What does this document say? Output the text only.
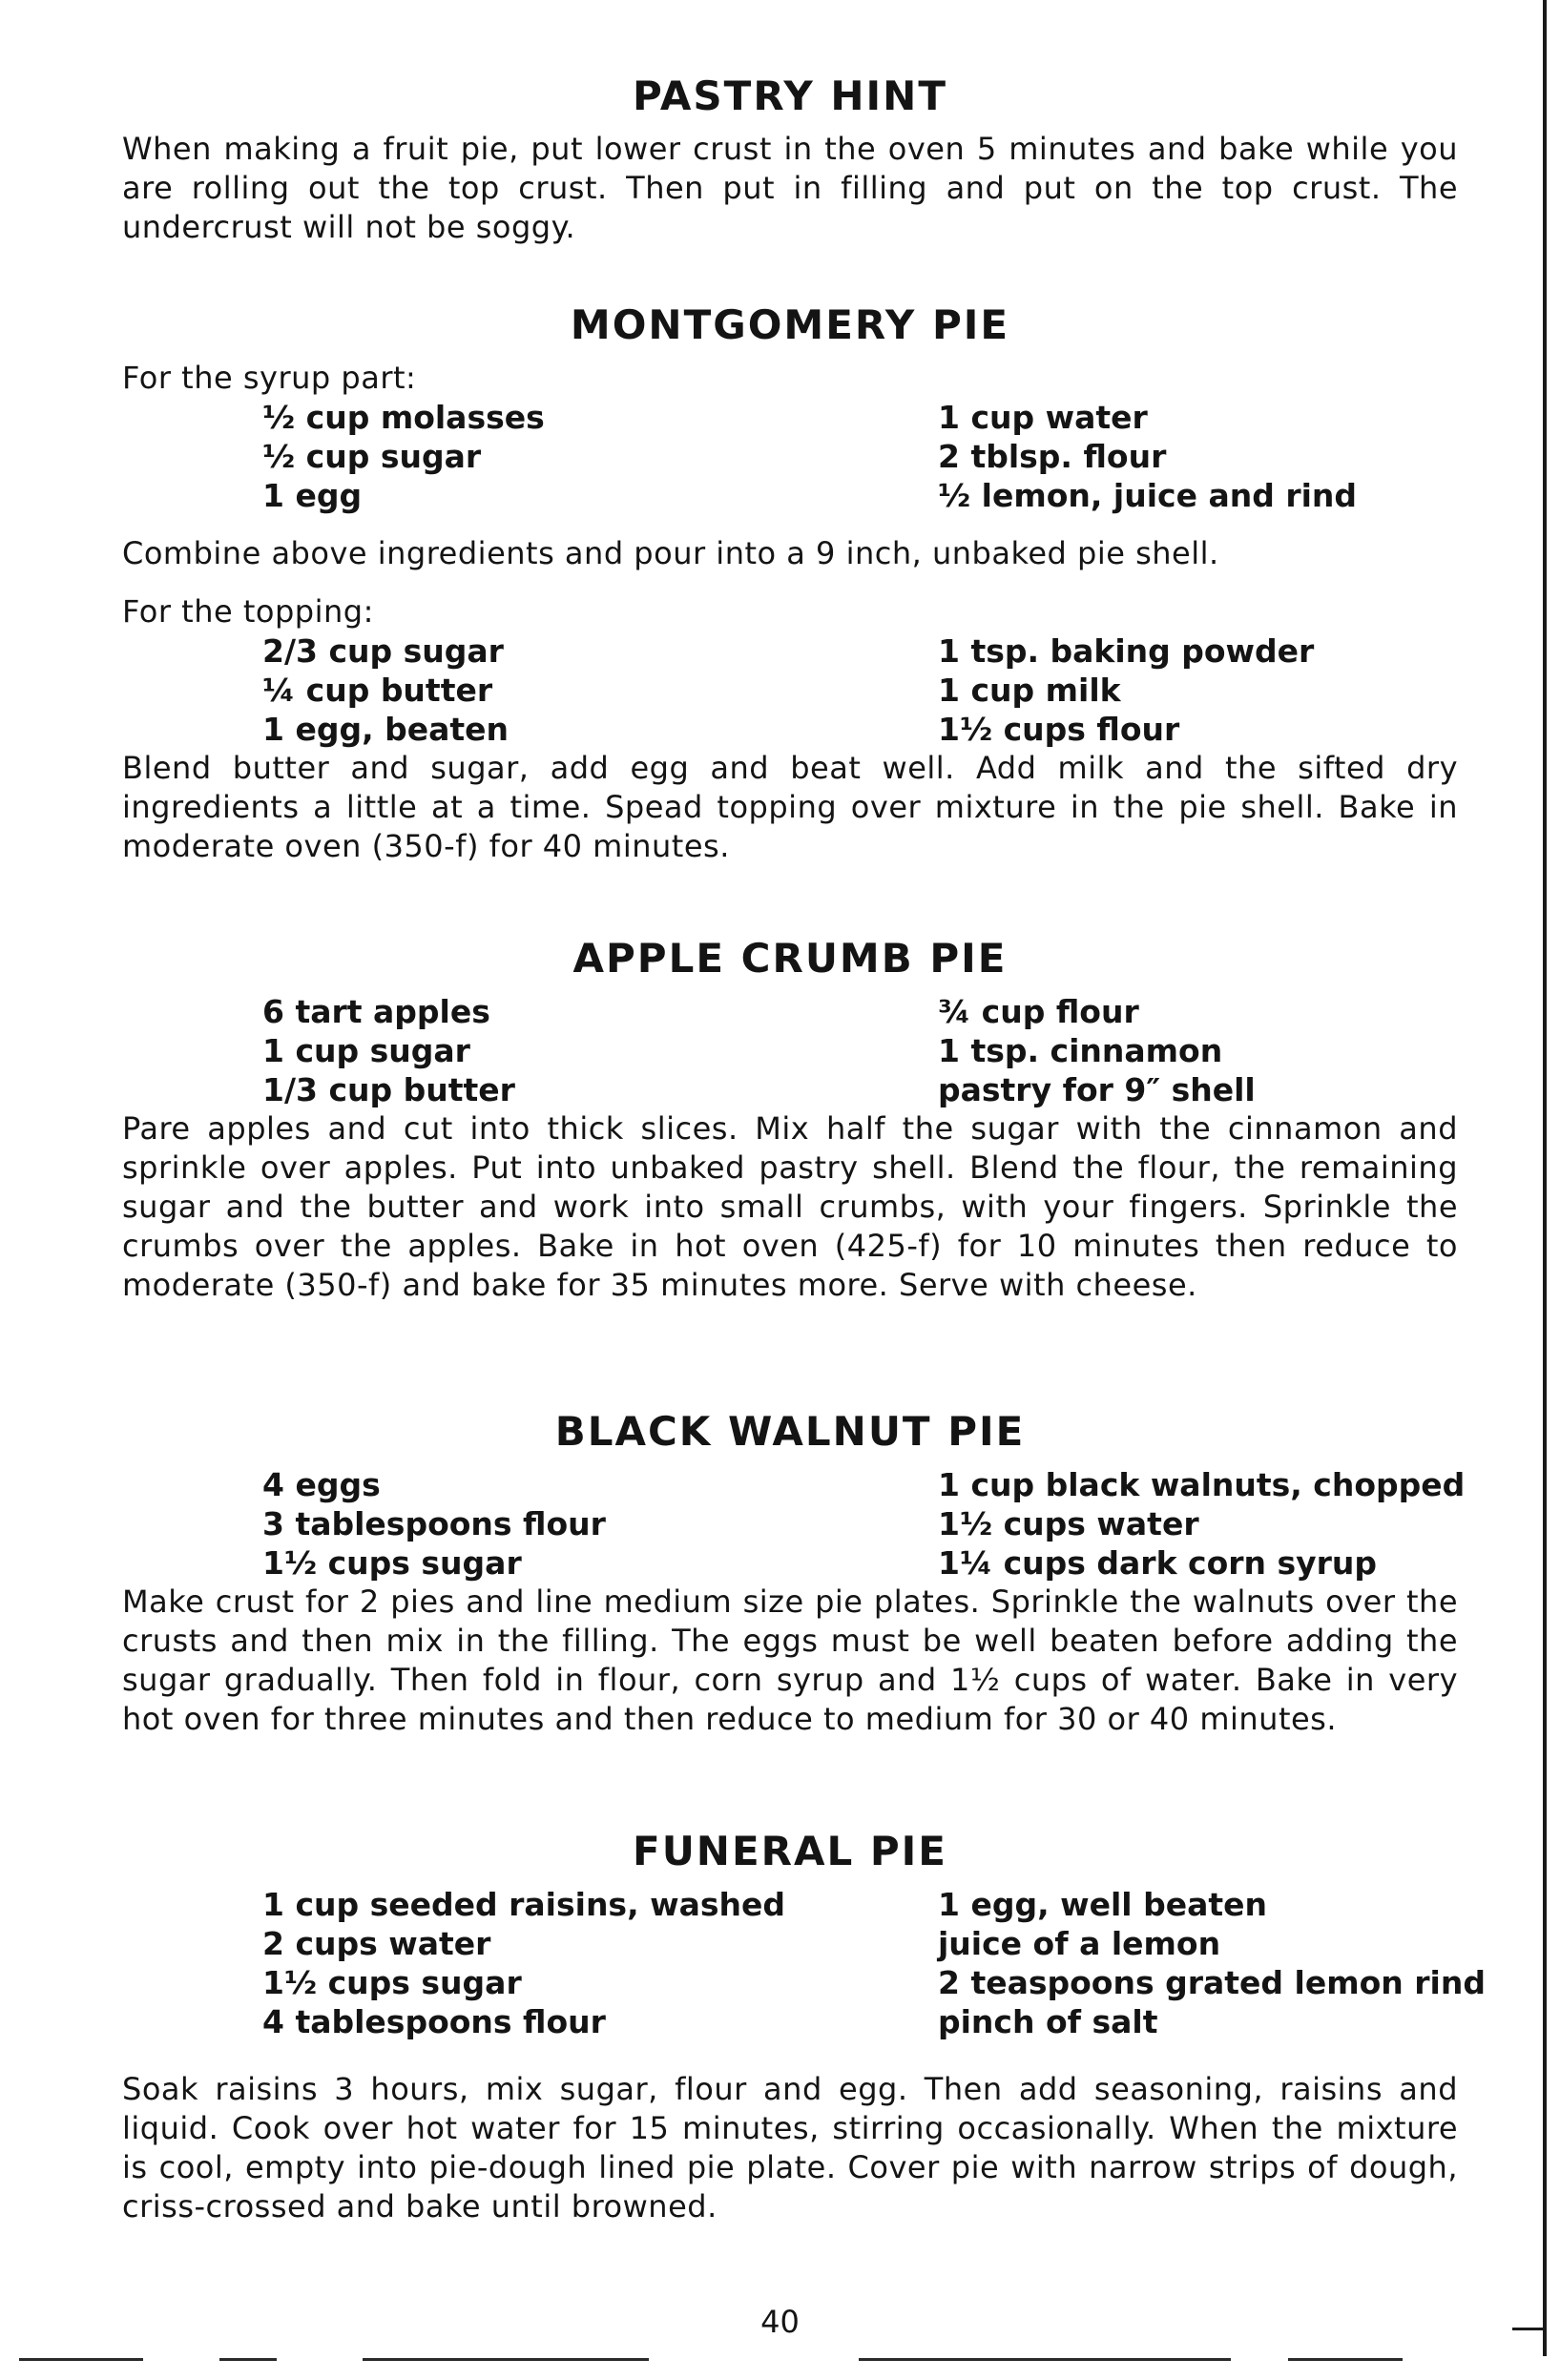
PASTRY HINT

When making a fruit pie, put lower crust in the oven 5 minutes and bake while you are rolling out the top crust. Then put in filling and put on the top crust. The undercrust will not be soggy.

MONTGOMERY PIE

For the syrup part:

½ cup molasses	1 cup water
½ cup sugar	2 tblsp. flour
1 egg	½ lemon, juice and rind

Combine above ingredients and pour into a 9 inch, unbaked pie shell.

For the topping:

2/3 cup sugar	1 tsp. baking powder
¼ cup butter	1 cup milk
1 egg, beaten	1½ cups flour

Blend butter and sugar, add egg and beat well. Add milk and the sifted dry ingredients a little at a time. Spead topping over mixture in the pie shell. Bake in moderate oven (350-f) for 40 minutes.

APPLE CRUMB PIE
6 tart apples	¾ cup flour
1 cup sugar	1 tsp. cinnamon
1/3 cup butter	pastry for 9″ shell

Pare apples and cut into thick slices. Mix half the sugar with the cinnamon and sprinkle over apples. Put into unbaked pastry shell. Blend the flour, the remaining sugar and the butter and work into small crumbs, with your fingers. Sprinkle the crumbs over the apples. Bake in hot oven (425-f) for 10 minutes then reduce to moderate (350-f) and bake for 35 minutes more. Serve with cheese.

BLACK WALNUT PIE
4 eggs	1 cup black walnuts, chopped
3 tablespoons flour	1½ cups water
1½ cups sugar	1¼ cups dark corn syrup

Make crust for 2 pies and line medium size pie plates. Sprinkle the walnuts over the crusts and then mix in the filling. The eggs must be well beaten before adding the sugar gradually. Then fold in flour, corn syrup and 1½ cups of water. Bake in very hot oven for three minutes and then reduce to medium for 30 or 40 minutes.

FUNERAL PIE
1 cup seeded raisins, washed	1 egg, well beaten
2 cups water	juice of a lemon
1½ cups sugar	2 teaspoons grated lemon rind
4 tablespoons flour	pinch of salt

Soak raisins 3 hours, mix sugar, flour and egg. Then add seasoning, raisins and liquid. Cook over hot water for 15 minutes, stirring occasionally. When the mixture is cool, empty into pie-dough lined pie plate. Cover pie with narrow strips of dough, criss-crossed and bake until browned.

40
